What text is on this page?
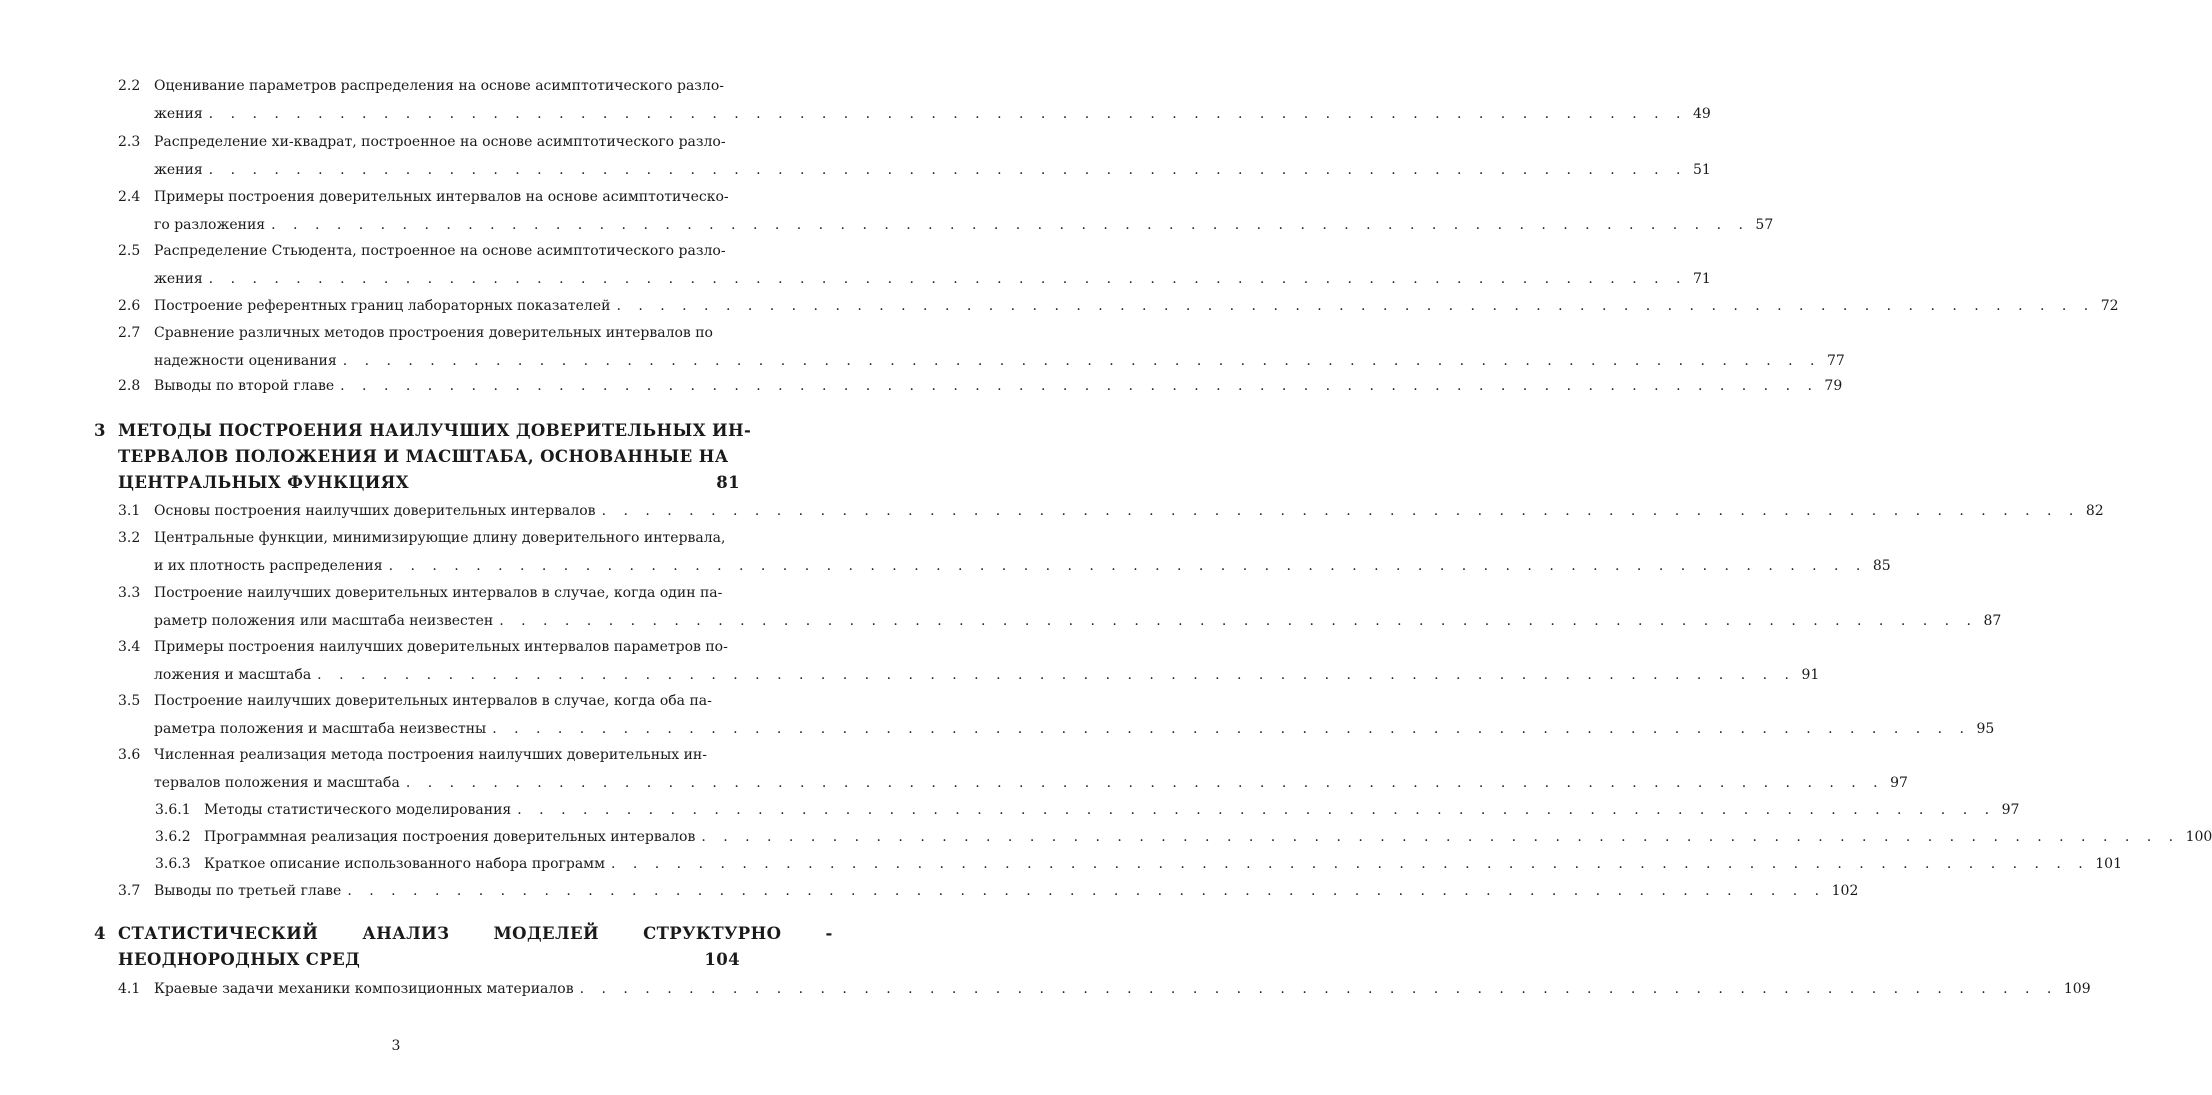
2.2 Оценивание параметров распределения на основе асимптотического разло-
жения . . . . . . . . . . . . . . . . . . . . . . . . . . . . . . . . . . . . . . . . . . . . . . . . . . . . . . . . . . . . . . . . . . . . 49
2.3 Распределение хи-квадрат, построенное на основе асимптотического разло-
жения . . . . . . . . . . . . . . . . . . . . . . . . . . . . . . . . . . . . . . . . . . . . . . . . . . . . . . . . . . . . . . . . . . . . 51
2.4 Примеры построения доверительных интервалов на основе асимптотическо-
го разложения . . . . . . . . . . . . . . . . . . . . . . . . . . . . . . . . . . . . . . . . . . . . . . . . . . . . . . . . . . . . . . . . . . . . 57
2.5 Распределение Стьюдента, построенное на основе асимптотического разло-
жения . . . . . . . . . . . . . . . . . . . . . . . . . . . . . . . . . . . . . . . . . . . . . . . . . . . . . . . . . . . . . . . . . . . . 71
2.6 Построение референтных границ лабораторных показателей . . . . . . . . . . . . . . . . . . . . . . . . . . . . . . . . . . . . . . . . . . . . . . . . . . . . . . . . . . . . . . . . . . . . 72
2.7 Сравнение различных методов простроения доверительных интервалов по
надежности оценивания . . . . . . . . . . . . . . . . . . . . . . . . . . . . . . . . . . . . . . . . . . . . . . . . . . . . . . . . . . . . . . . . . . . . 77
2.8 Выводы по второй главе . . . . . . . . . . . . . . . . . . . . . . . . . . . . . . . . . . . . . . . . . . . . . . . . . . . . . . . . . . . . . . . . . . . . 79
3 МЕТОДЫ ПОСТРОЕНИЯ НАИЛУЧШИХ ДОВЕРИТЕЛЬНЫХ ИН-
ТЕРВАЛОВ ПОЛОЖЕНИЯ И МАСШТАБА, ОСНОВАННЫЕ НА
ЦЕНТРАЛЬНЫХ ФУНКЦИЯХ	81
3.1 Основы построения наилучших доверительных интервалов . . . . . . . . . . . . . . . . . . . . . . . . . . . . . . . . . . . . . . . . . . . . . . . . . . . . . . . . . . . . . . . . . . . . 82
3.2 Центральные функции, минимизирующие длину доверительного интервала,
и их плотность распределения . . . . . . . . . . . . . . . . . . . . . . . . . . . . . . . . . . . . . . . . . . . . . . . . . . . . . . . . . . . . . . . . . . . . 85
3.3 Построение наилучших доверительных интервалов в случае, когда один па-
раметр положения или масштаба неизвестен . . . . . . . . . . . . . . . . . . . . . . . . . . . . . . . . . . . . . . . . . . . . . . . . . . . . . . . . . . . . . . . . . . . . 87
3.4 Примеры построения наилучших доверительных интервалов параметров по-
ложения и масштаба . . . . . . . . . . . . . . . . . . . . . . . . . . . . . . . . . . . . . . . . . . . . . . . . . . . . . . . . . . . . . . . . . . . . 91
3.5 Построение наилучших доверительных интервалов в случае, когда оба па-
раметра положения и масштаба неизвестны . . . . . . . . . . . . . . . . . . . . . . . . . . . . . . . . . . . . . . . . . . . . . . . . . . . . . . . . . . . . . . . . . . . . 95
3.6 Численная реализация метода построения наилучших доверительных ин-
тервалов положения и масштаба . . . . . . . . . . . . . . . . . . . . . . . . . . . . . . . . . . . . . . . . . . . . . . . . . . . . . . . . . . . . . . . . . . . . 97
3.6.1 Методы статистического моделирования . . . . . . . . . . . . . . . . . . . . . . . . . . . . . . . . . . . . . . . . . . . . . . . . . . . . . . . . . . . . . . . . . . . . 97
3.6.2 Программная реализация построения доверительных интервалов . . . . . . . . . . . . . . . . . . . . . . . . . . . . . . . . . . . . . . . . . . . . . . . . . . . . . . . . . . . . . . . . . . . . 100
3.6.3 Краткое описание использованного набора программ . . . . . . . . . . . . . . . . . . . . . . . . . . . . . . . . . . . . . . . . . . . . . . . . . . . . . . . . . . . . . . . . . . . . 101
3.7 Выводы по третьей главе . . . . . . . . . . . . . . . . . . . . . . . . . . . . . . . . . . . . . . . . . . . . . . . . . . . . . . . . . . . . . . . . . . . . 102
4 СТАТИСТИЧЕСКИЙ АНАЛИЗ МОДЕЛЕЙ СТРУКТУРНО -
НЕОДНОРОДНЫХ СРЕД	104
4.1 Краевые задачи механики композиционных материалов . . . . . . . . . . . . . . . . . . . . . . . . . . . . . . . . . . . . . . . . . . . . . . . . . . . . . . . . . . . . . . . . . . . . 109
3
